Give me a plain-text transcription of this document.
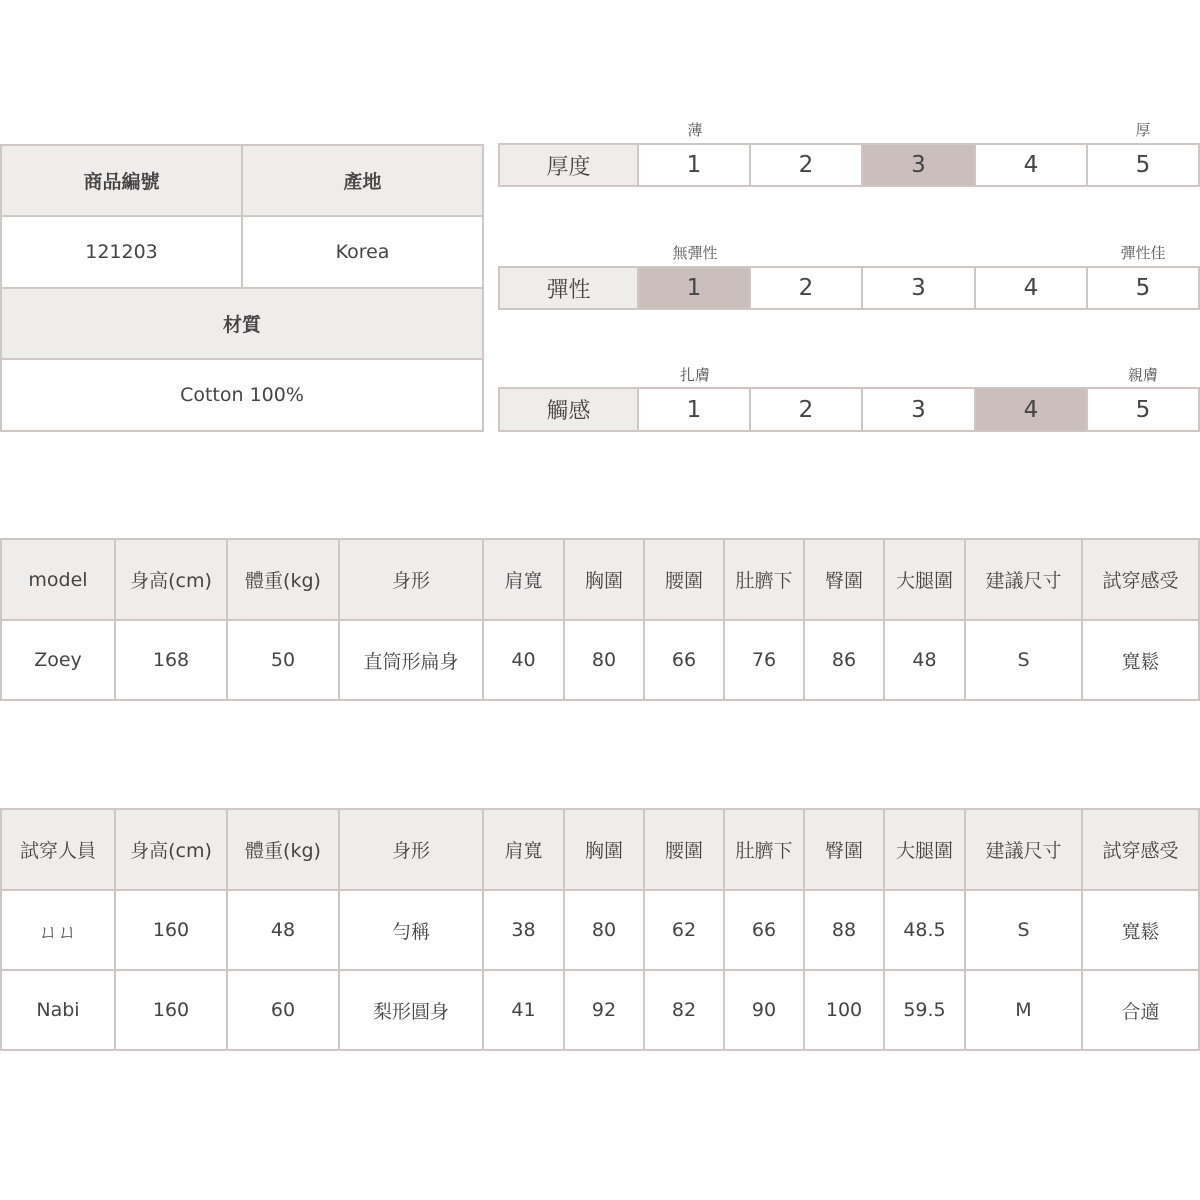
商品編號	產地
121203	Korea
材質
Cotton 100%
薄	厚
厚度	1	2	3	4	5
無彈性	彈性佳
彈性	1	2	3	4	5
扎膚	親膚
觸感	1	2	3	4	5
model	身高(cm)	體重(kg)	身形	肩寬	胸圍	腰圍	肚臍下	臀圍	大腿圍	建議尺寸	試穿感受
Zoey	168	50	直筒形扁身	40	80	66	76	86	48	S	寬鬆
試穿人員	身高(cm)	體重(kg)	身形	肩寬	胸圍	腰圍	肚臍下	臀圍	大腿圍	建議尺寸	試穿感受
ㄩㄩ	160	48	勻稱	38	80	62	66	88	48.5	S	寬鬆
Nabi	160	60	梨形圓身	41	92	82	90	100	59.5	M	合適
